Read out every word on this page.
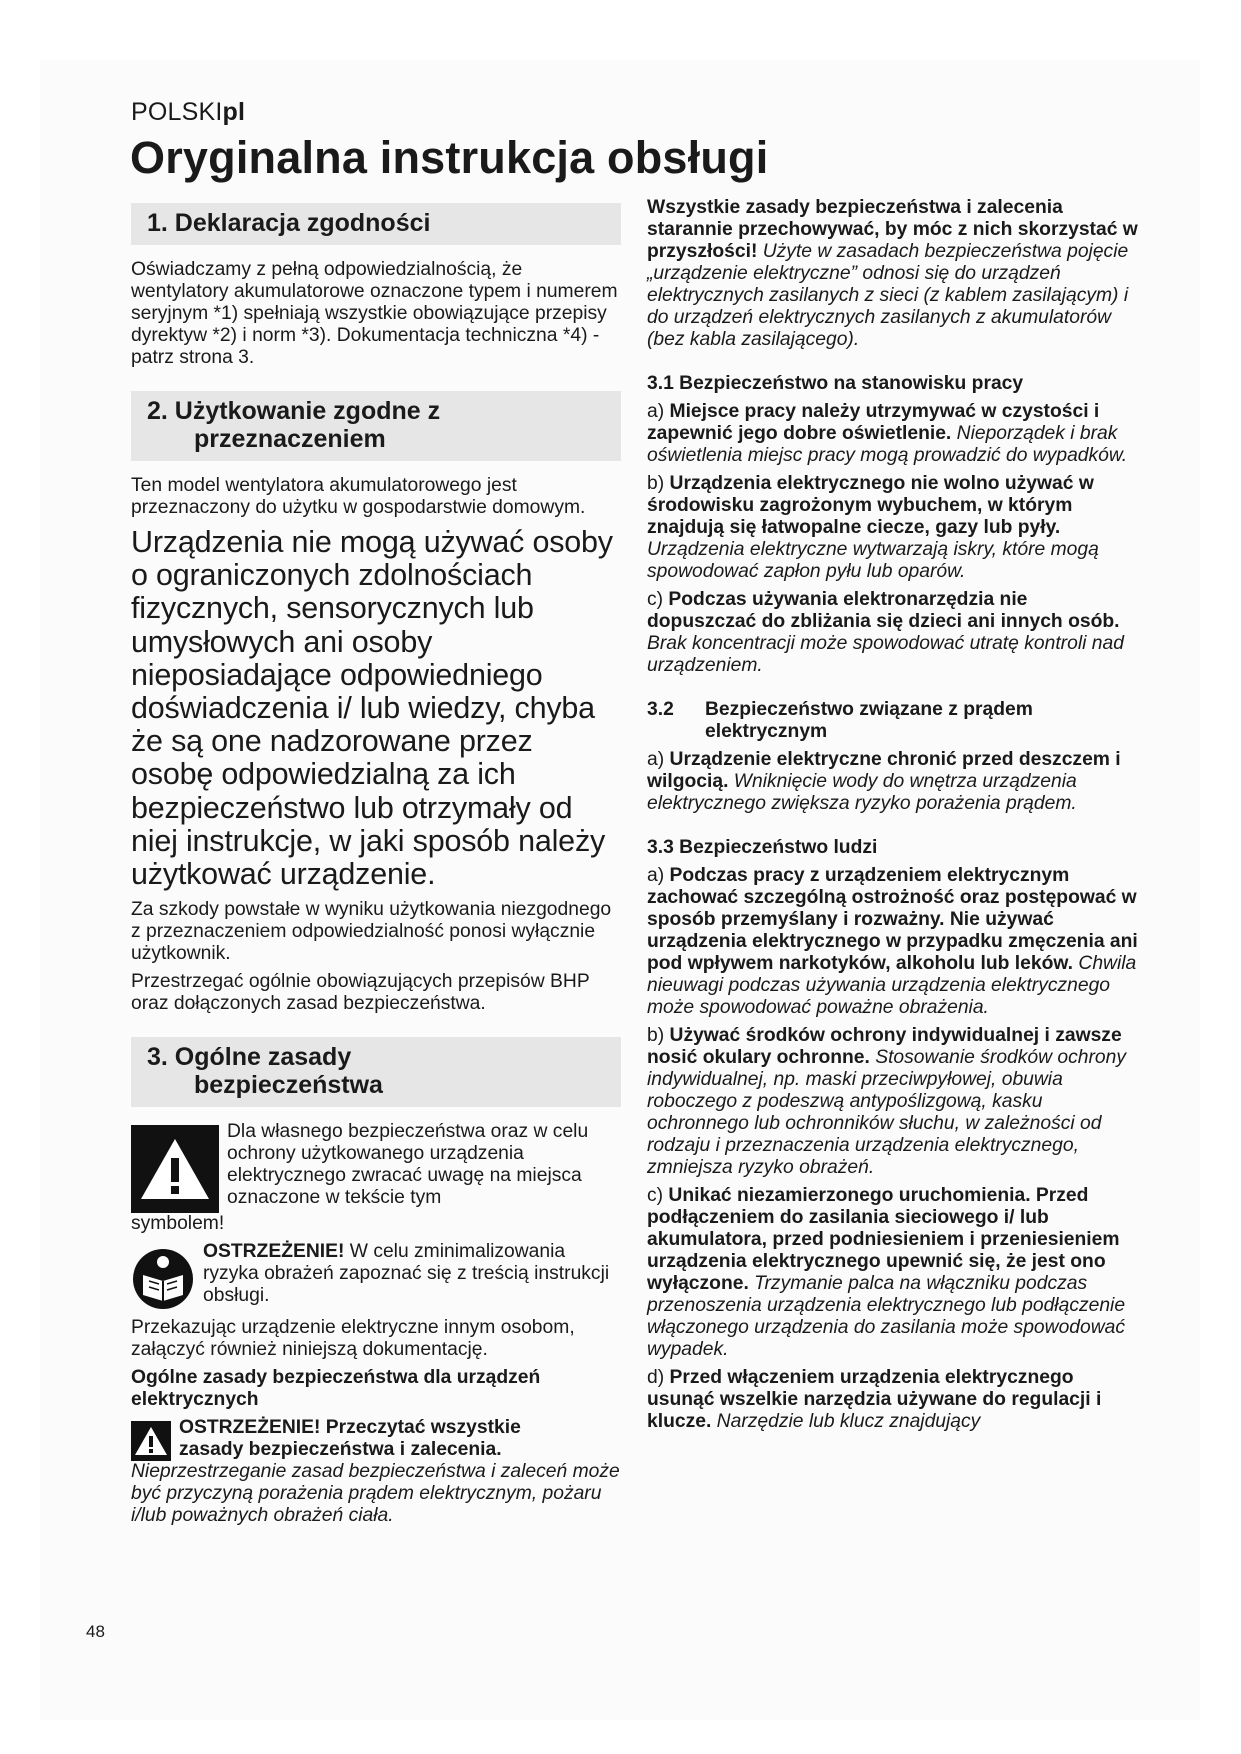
POLSKIpl
Oryginalna instrukcja obsługi
1. Deklaracja zgodności

Oświadczamy z pełną odpowiedzialnością, że wentylatory akumulatorowe oznaczone typem i numerem seryjnym *1) spełniają wszystkie obowiązujące przepisy dyrektyw *2) i norm *3). Dokumentacja techniczna *4) - patrz strona 3.

2. Użytkowanie zgodne z
przeznaczeniem

Ten model wentylatora akumulatorowego jest przeznaczony do użytku w gospodarstwie domowym.

Urządzenia nie mogą używać osoby o ograniczonych zdolnościach fizycznych, sensorycznych lub umysłowych ani osoby nieposiadające odpowiedniego doświadczenia i/ lub wiedzy, chyba że są one nadzorowane przez osobę odpowiedzialną za ich bezpieczeństwo lub otrzymały od niej instrukcje, w jaki sposób należy użytkować urządzenie.

Za szkody powstałe w wyniku użytkowania niezgodnego z przeznaczeniem odpowiedzialność ponosi wyłącznie użytkownik.

Przestrzegać ogólnie obowiązujących przepisów BHP oraz dołączonych zasad bezpieczeństwa.

3. Ogólne zasady
bezpieczeństwa

Dla własnego bezpieczeństwa oraz w celu ochrony użytkowanego urządzenia elektrycznego zwracać uwagę na miejsca oznaczone w tekście tym

symbolem!

OSTRZEŻENIE! W celu zminimalizowania ryzyka obrażeń zapoznać się z treścią instrukcji obsługi.

Przekazując urządzenie elektryczne innym osobom, załączyć również niniejszą dokumentację.

Ogólne zasady bezpieczeństwa dla urządzeń elektrycznych

OSTRZEŻENIE! Przeczytać wszystkie
zasady bezpieczeństwa i zalecenia.

Nieprzestrzeganie zasad bezpieczeństwa i zaleceń może być przyczyną porażenia prądem elektrycznym, pożaru i/lub poważnych obrażeń ciała.

Wszystkie zasady bezpieczeństwa i zalecenia starannie przechowywać, by móc z nich skorzystać w przyszłości! Użyte w zasadach bezpieczeństwa pojęcie „urządzenie elektryczne” odnosi się do urządzeń elektrycznych zasilanych z sieci (z kablem zasilającym) i do urządzeń elektrycznych zasilanych z akumulatorów (bez kabla zasilającego).

3.1 Bezpieczeństwo na stanowisku pracy

a) Miejsce pracy należy utrzymywać w czystości i zapewnić jego dobre oświetlenie. Nieporządek i brak oświetlenia miejsc pracy mogą prowadzić do wypadków.

b) Urządzenia elektrycznego nie wolno używać w środowisku zagrożonym wybuchem, w którym znajdują się łatwopalne ciecze, gazy lub pyły. Urządzenia elektryczne wytwarzają iskry, które mogą spowodować zapłon pyłu lub oparów.

c) Podczas używania elektronarzędzia nie dopuszczać do zbliżania się dzieci ani innych osób. Brak koncentracji może spowodować utratę kontroli nad urządzeniem.

3.2	Bezpieczeństwo związane z prądem elektrycznym

a) Urządzenie elektryczne chronić przed deszczem i wilgocią. Wniknięcie wody do wnętrza urządzenia elektrycznego zwiększa ryzyko porażenia prądem.

3.3 Bezpieczeństwo ludzi

a) Podczas pracy z urządzeniem elektrycznym zachować szczególną ostrożność oraz postępować w sposób przemyślany i rozważny. Nie używać urządzenia elektrycznego w przypadku zmęczenia ani pod wpływem narkotyków, alkoholu lub leków. Chwila nieuwagi podczas używania urządzenia elektrycznego może spowodować poważne obrażenia.

b) Używać środków ochrony indywidualnej i zawsze nosić okulary ochronne. Stosowanie środków ochrony indywidualnej, np. maski przeciwpyłowej, obuwia roboczego z podeszwą antypoślizgową, kasku ochronnego lub ochronników słuchu, w zależności od rodzaju i przeznaczenia urządzenia elektrycznego, zmniejsza ryzyko obrażeń.

c) Unikać niezamierzonego uruchomienia. Przed podłączeniem do zasilania sieciowego i/ lub akumulatora, przed podniesieniem i przeniesieniem urządzenia elektrycznego upewnić się, że jest ono wyłączone. Trzymanie palca na włączniku podczas przenoszenia urządzenia elektrycznego lub podłączenie włączonego urządzenia do zasilania może spowodować wypadek.

d) Przed włączeniem urządzenia elektrycznego usunąć wszelkie narzędzia używane do regulacji i klucze. Narzędzie lub klucz znajdujący

48
